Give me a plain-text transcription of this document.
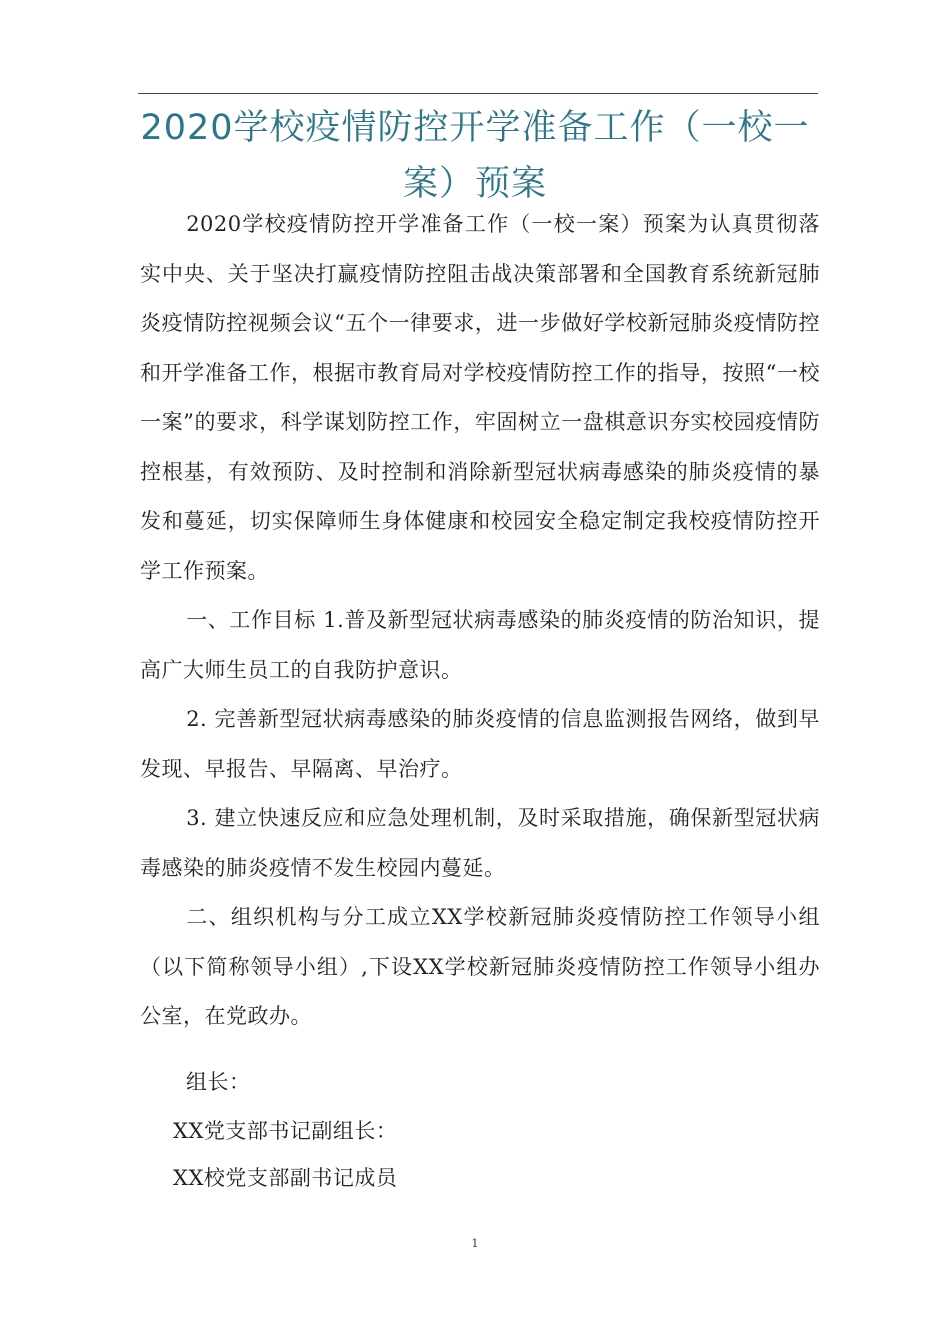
2020学校疫情防控开学准备工作（一校一案）预案

2020学校疫情防控开学准备工作（一校一案）预案为认真贯彻落实中央、关于坚决打赢疫情防控阻击战决策部署和全国教育系统新冠肺炎疫情防控视频会议“五个一律要求，进一步做好学校新冠肺炎疫情防控和开学准备工作，根据市教育局对学校疫情防控工作的指导，按照“一校一案”的要求，科学谋划防控工作，牢固树立一盘棋意识夯实校园疫情防控根基，有效预防、及时控制和消除新型冠状病毒感染的肺炎疫情的暴发和蔓延，切实保障师生身体健康和校园安全稳定制定我校疫情防控开学工作预案。

一、工作目标 1.普及新型冠状病毒感染的肺炎疫情的防治知识，提高广大师生员工的自我防护意识。

2. 完善新型冠状病毒感染的肺炎疫情的信息监测报告网络，做到早发现、早报告、早隔离、早治疗。

3. 建立快速反应和应急处理机制，及时采取措施，确保新型冠状病毒感染的肺炎疫情不发生校园内蔓延。

二、组织机构与分工成立XX学校新冠肺炎疫情防控工作领导小组（以下简称领导小组）,下设XX学校新冠肺炎疫情防控工作领导小组办公室，在党政办。

组长：

XX党支部书记副组长：

XX校党支部副书记成员

1
